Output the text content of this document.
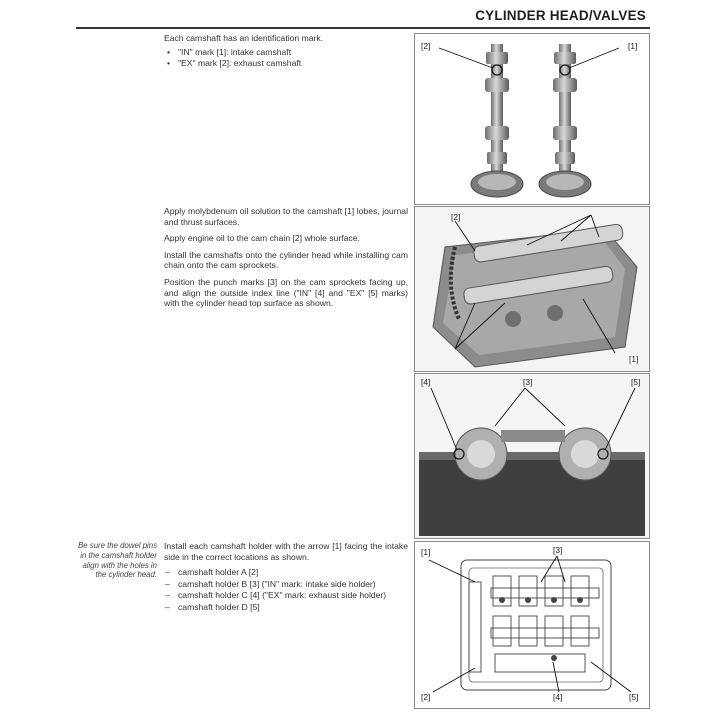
CYLINDER HEAD/VALVES

Each camshaft has an identification mark.

• "IN" mark [1]: intake camshaft
• "EX" mark [2]: exhaust camshaft

Apply molybdenum oil solution to the camshaft [1] lobes, journal and thrust surfaces.

Apply engine oil to the cam chain [2] whole surface.

Install the camshafts onto the cylinder head while installing cam chain onto the cam sprockets.

Position the punch marks [3] on the cam sprockets facing up, and align the outside index line ("IN" [4] and "EX" [5] marks) with the cylinder head top surface as shown.

Be sure the dowel pins in the camshaft holder align with the holes in the cylinder head.

Install each camshaft holder with the arrow [1] facing the intake side in the correct locations as shown.

– camshaft holder A [2]
– camshaft holder B [3] ("IN" mark: intake side holder)
– camshaft holder C [4] ("EX" mark: exhaust side holder)
– camshaft holder D [5]
[2]	[1]
[2]
[1]
[4]	[3]	[5]
[1]	[3]
[2]	[4]	[5]
